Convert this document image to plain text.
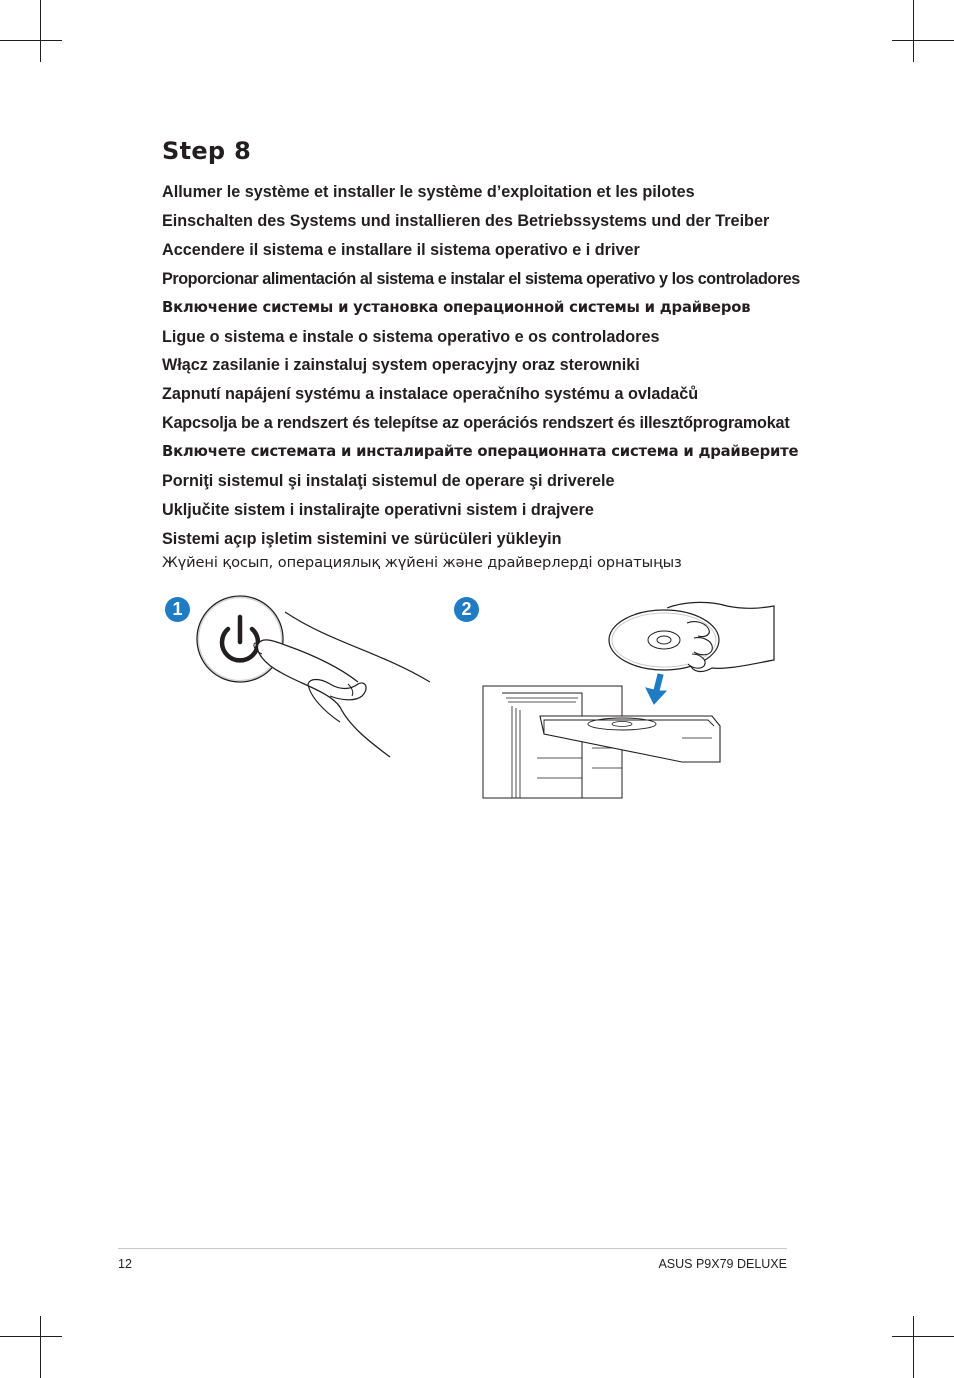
Step 8
Allumer le système et installer le système d’exploitation et les pilotes
Einschalten des Systems und installieren des Betriebssystems und der Treiber
Accendere il sistema e installare il sistema operativo e i driver
Proporcionar alimentación al sistema e instalar el sistema operativo y los controladores
Включение системы и установка операционной системы и драйверов
Ligue o sistema e instale o sistema operativo e os controladores
Włącz zasilanie i zainstaluj system operacyjny oraz sterowniki
Zapnutí napájení systému a instalace operačního systému a ovladačů
Kapcsolja be a rendszert és telepítse az operációs rendszert és illesztőprogramokat
Включете системата и инсталирайте операционната система и драйверите
Porniţi sistemul şi instalaţi sistemul de operare şi driverele
Uključite sistem i instalirajte operativni sistem i drajvere
Sistemi açıp işletim sistemini ve sürücüleri yükleyin
Жүйені қосып, операциялық жүйені және драйверлерді орнатыңыз
1	2
12	ASUS P9X79 DELUXE
